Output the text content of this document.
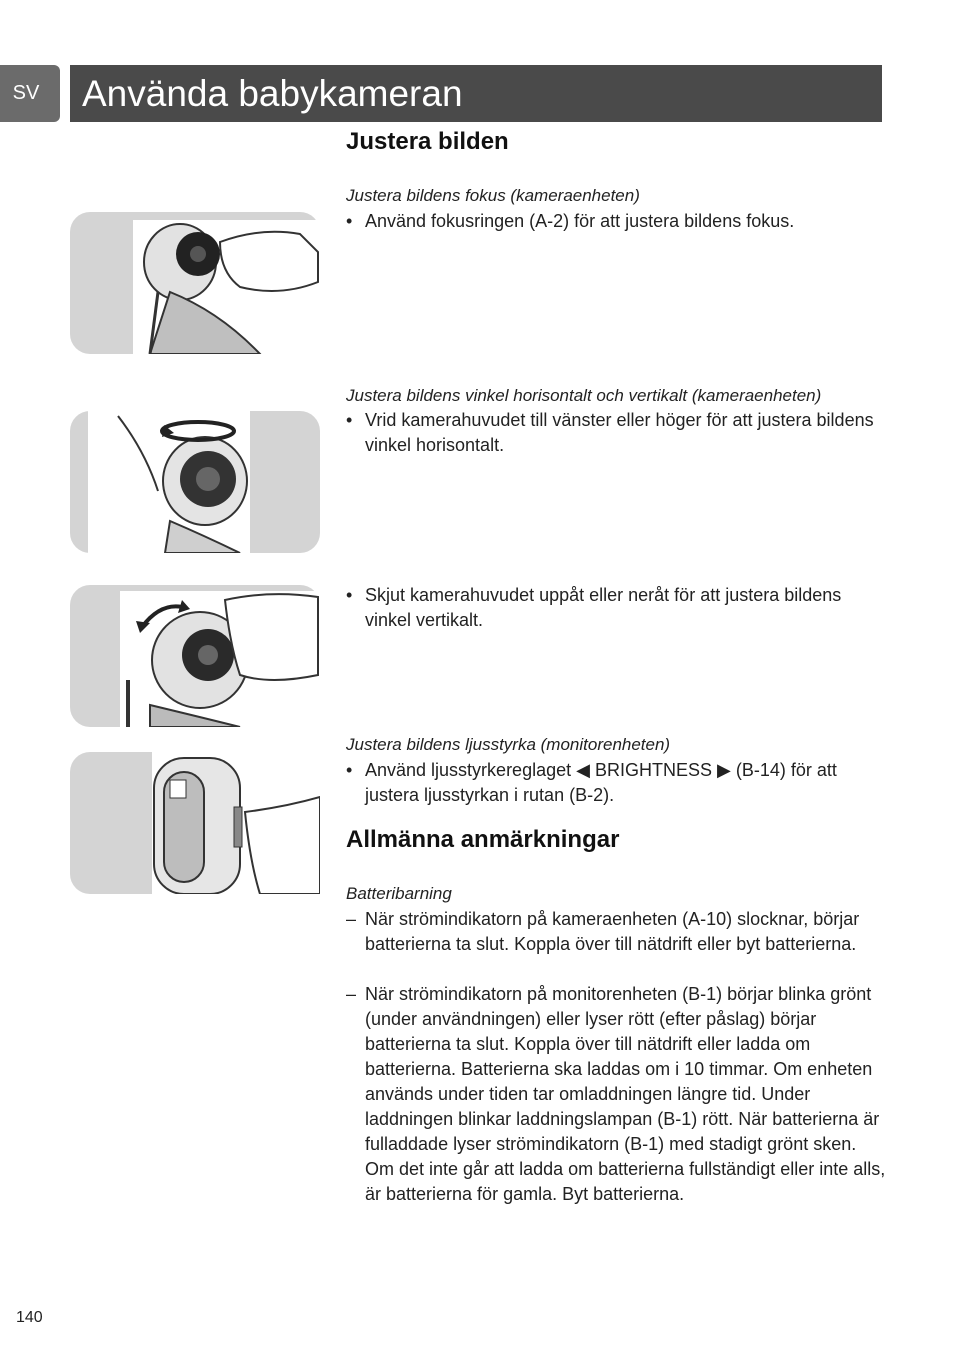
SV	Använda babykameran
Justera bilden
Justera bildens fokus (kameraenheten)
• Använd fokusringen (A-2) för att justera bildens fokus.
Justera bildens vinkel horisontalt och vertikalt (kameraenheten)
• Vrid kamerahuvudet till vänster eller höger för att justera bildens vinkel horisontalt.
• Skjut kamerahuvudet uppåt eller neråt för att justera bildens vinkel vertikalt.
Justera bildens ljusstyrka (monitorenheten)
• Använd ljusstyrkereglaget ◀ BRIGHTNESS ▶ (B-14) för att justera ljusstyrkan i rutan (B-2).
Allmänna anmärkningar
Batteribarning
– När strömindikatorn på kameraenheten (A-10) slocknar, börjar batterierna ta slut. Koppla över till nätdrift eller byt batterierna.
– När strömindikatorn på monitorenheten (B-1) börjar blinka grönt (under användningen) eller lyser rött (efter påslag) börjar batterierna ta slut. Koppla över till nätdrift eller ladda om batterierna. Batterierna ska laddas om i 10 timmar. Om enheten används under tiden tar omladdningen längre tid. Under laddningen blinkar laddningslampan (B-1) rött. När batterierna är fulladdade lyser strömindikatorn (B-1) med stadigt grönt sken. Om det inte går att ladda om batterierna fullständigt eller inte alls, är batterierna för gamla. Byt batterierna.
140
